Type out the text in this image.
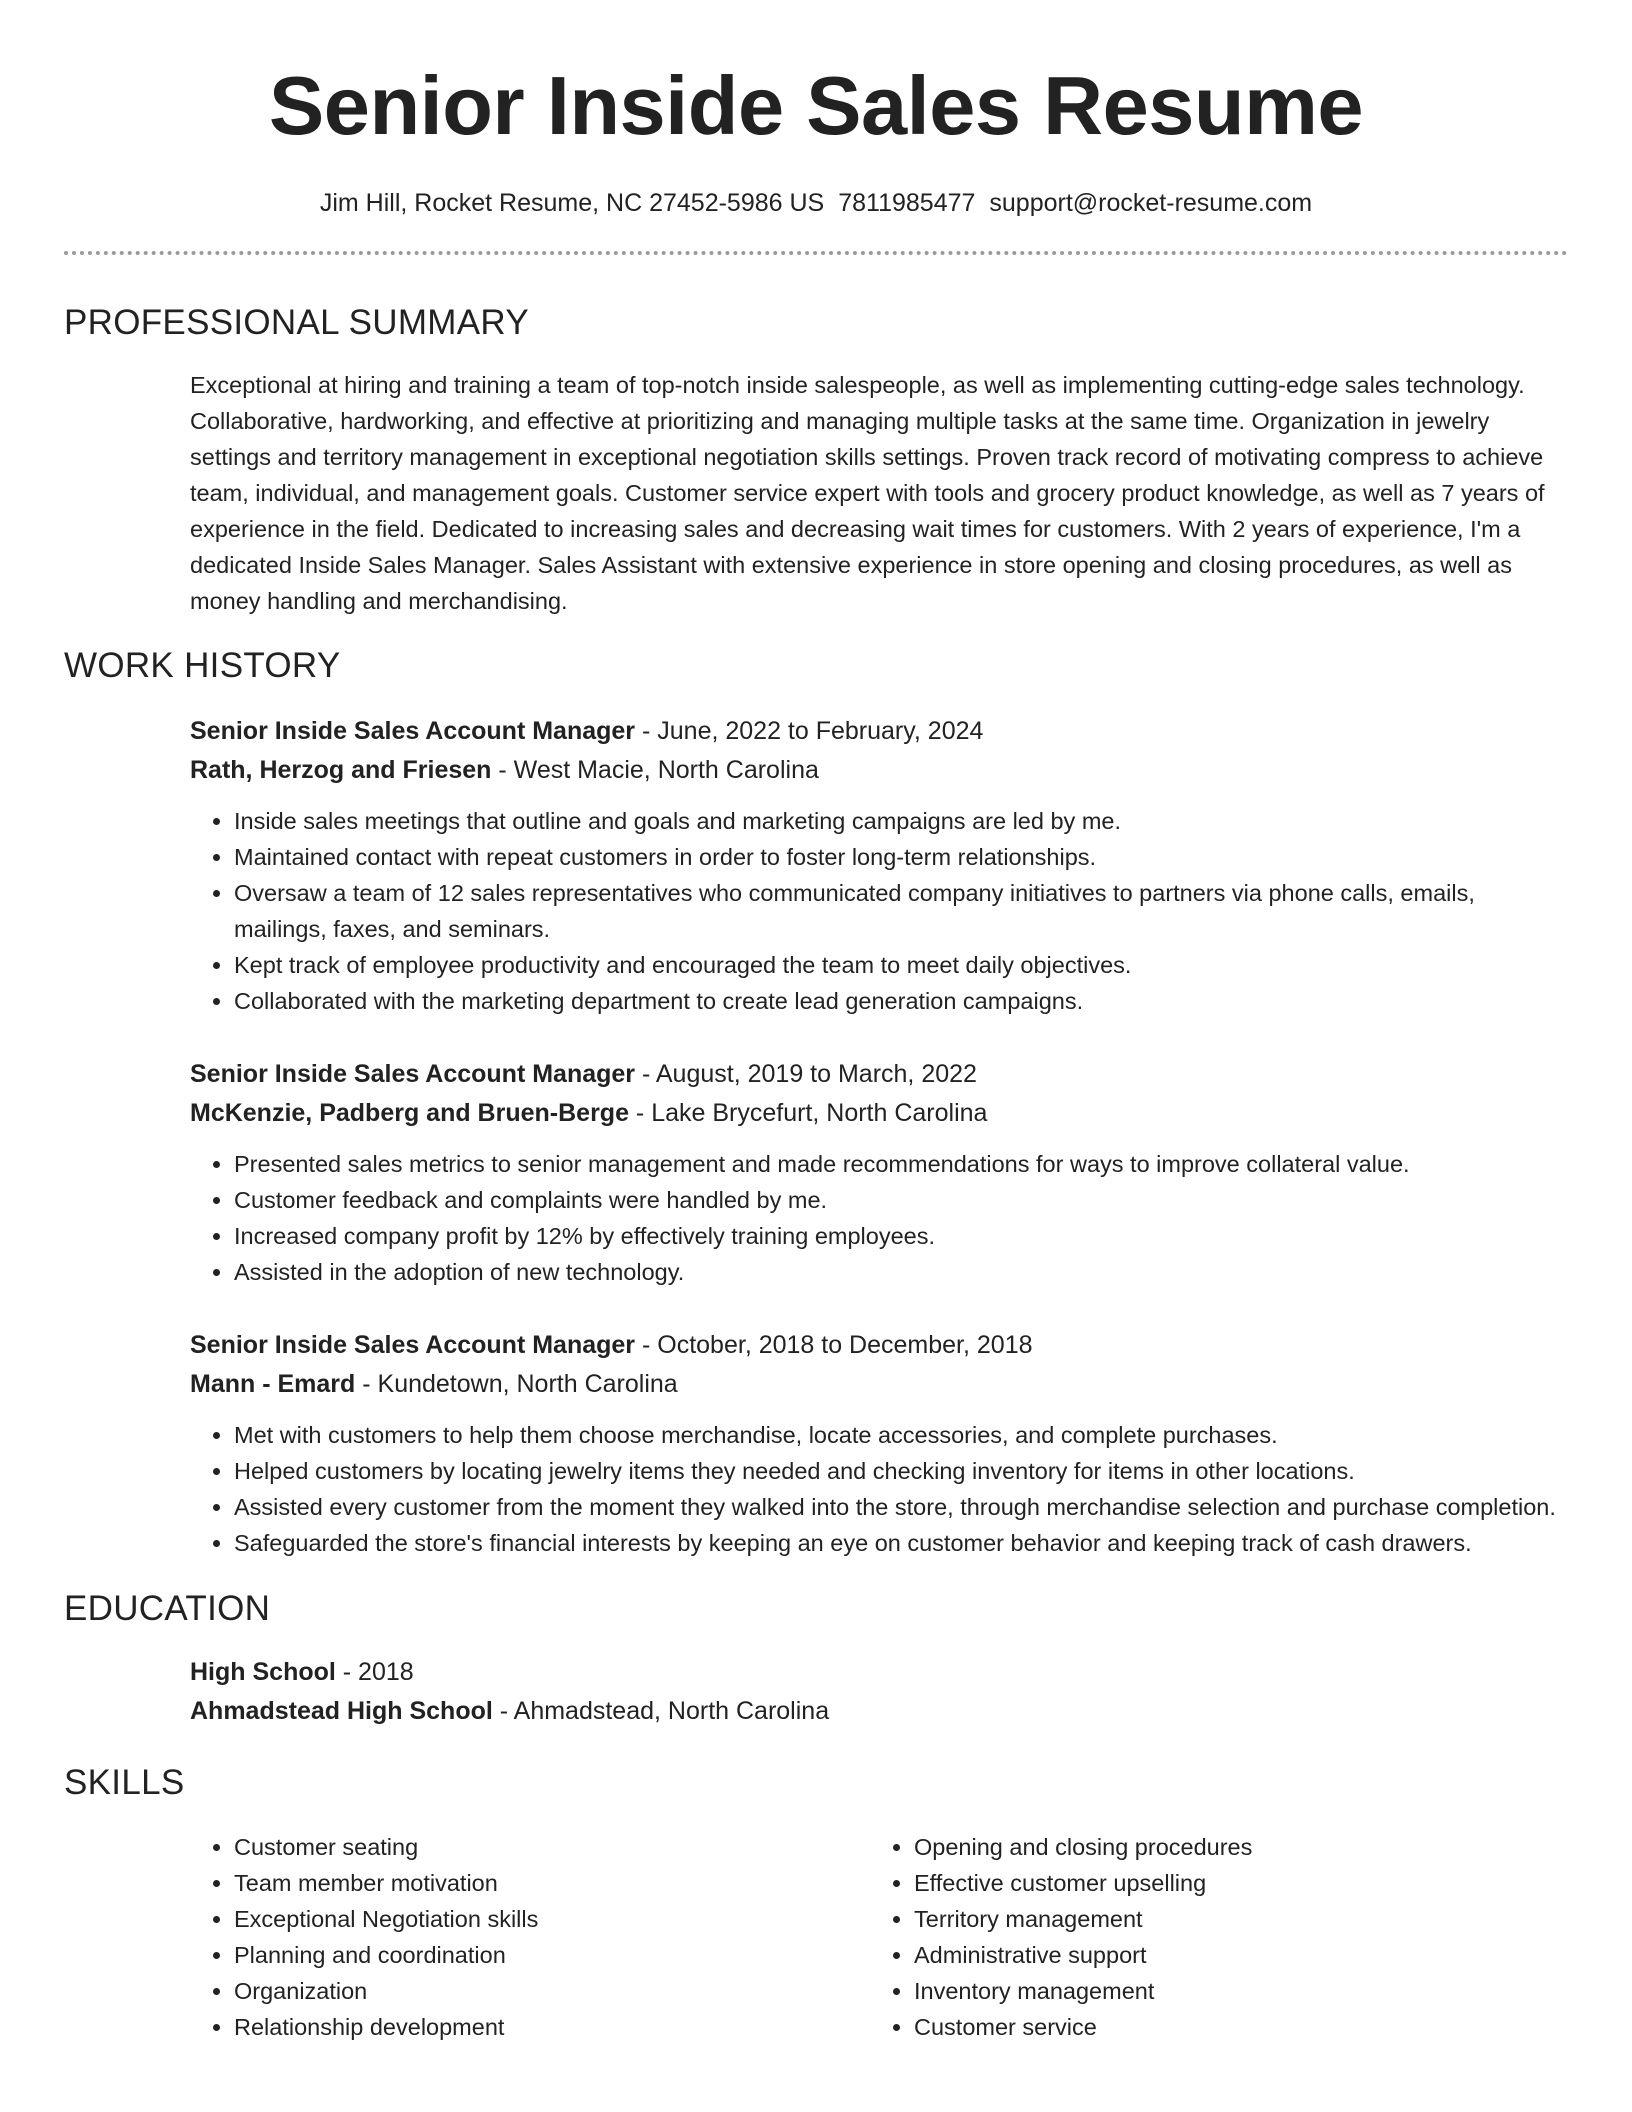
Senior Inside Sales Resume
Jim Hill, Rocket Resume, NC 27452-5986 US 7811985477 support@rocket-resume.com
PROFESSIONAL SUMMARY

Exceptional at hiring and training a team of top-notch inside salespeople, as well as implementing cutting-edge sales technology. Collaborative, hardworking, and effective at prioritizing and managing multiple tasks at the same time. Organization in jewelry settings and territory management in exceptional negotiation skills settings. Proven track record of motivating compress to achieve team, individual, and management goals. Customer service expert with tools and grocery product knowledge, as well as 7 years of experience in the field. Dedicated to increasing sales and decreasing wait times for customers. With 2 years of experience, I'm a dedicated Inside Sales Manager. Sales Assistant with extensive experience in store opening and closing procedures, as well as money handling and merchandising.

WORK HISTORY
Senior Inside Sales Account Manager - June, 2022 to February, 2024
Rath, Herzog and Friesen - West Macie, North Carolina
• Inside sales meetings that outline and goals and marketing campaigns are led by me.
• Maintained contact with repeat customers in order to foster long-term relationships.
• Oversaw a team of 12 sales representatives who communicated company initiatives to partners via phone calls, emails, mailings, faxes, and seminars.
• Kept track of employee productivity and encouraged the team to meet daily objectives.
• Collaborated with the marketing department to create lead generation campaigns.
Senior Inside Sales Account Manager - August, 2019 to March, 2022
McKenzie, Padberg and Bruen-Berge - Lake Brycefurt, North Carolina
• Presented sales metrics to senior management and made recommendations for ways to improve collateral value.
• Customer feedback and complaints were handled by me.
• Increased company profit by 12% by effectively training employees.
• Assisted in the adoption of new technology.
Senior Inside Sales Account Manager - October, 2018 to December, 2018
Mann - Emard - Kundetown, North Carolina
• Met with customers to help them choose merchandise, locate accessories, and complete purchases.
• Helped customers by locating jewelry items they needed and checking inventory for items in other locations.
• Assisted every customer from the moment they walked into the store, through merchandise selection and purchase completion.
• Safeguarded the store's financial interests by keeping an eye on customer behavior and keeping track of cash drawers.
EDUCATION
High School - 2018
Ahmadstead High School - Ahmadstead, North Carolina
SKILLS
• Customer seating
• Team member motivation
• Exceptional Negotiation skills
• Planning and coordination
• Organization
• Relationship development
• Opening and closing procedures
• Effective customer upselling
• Territory management
• Administrative support
• Inventory management
• Customer service
